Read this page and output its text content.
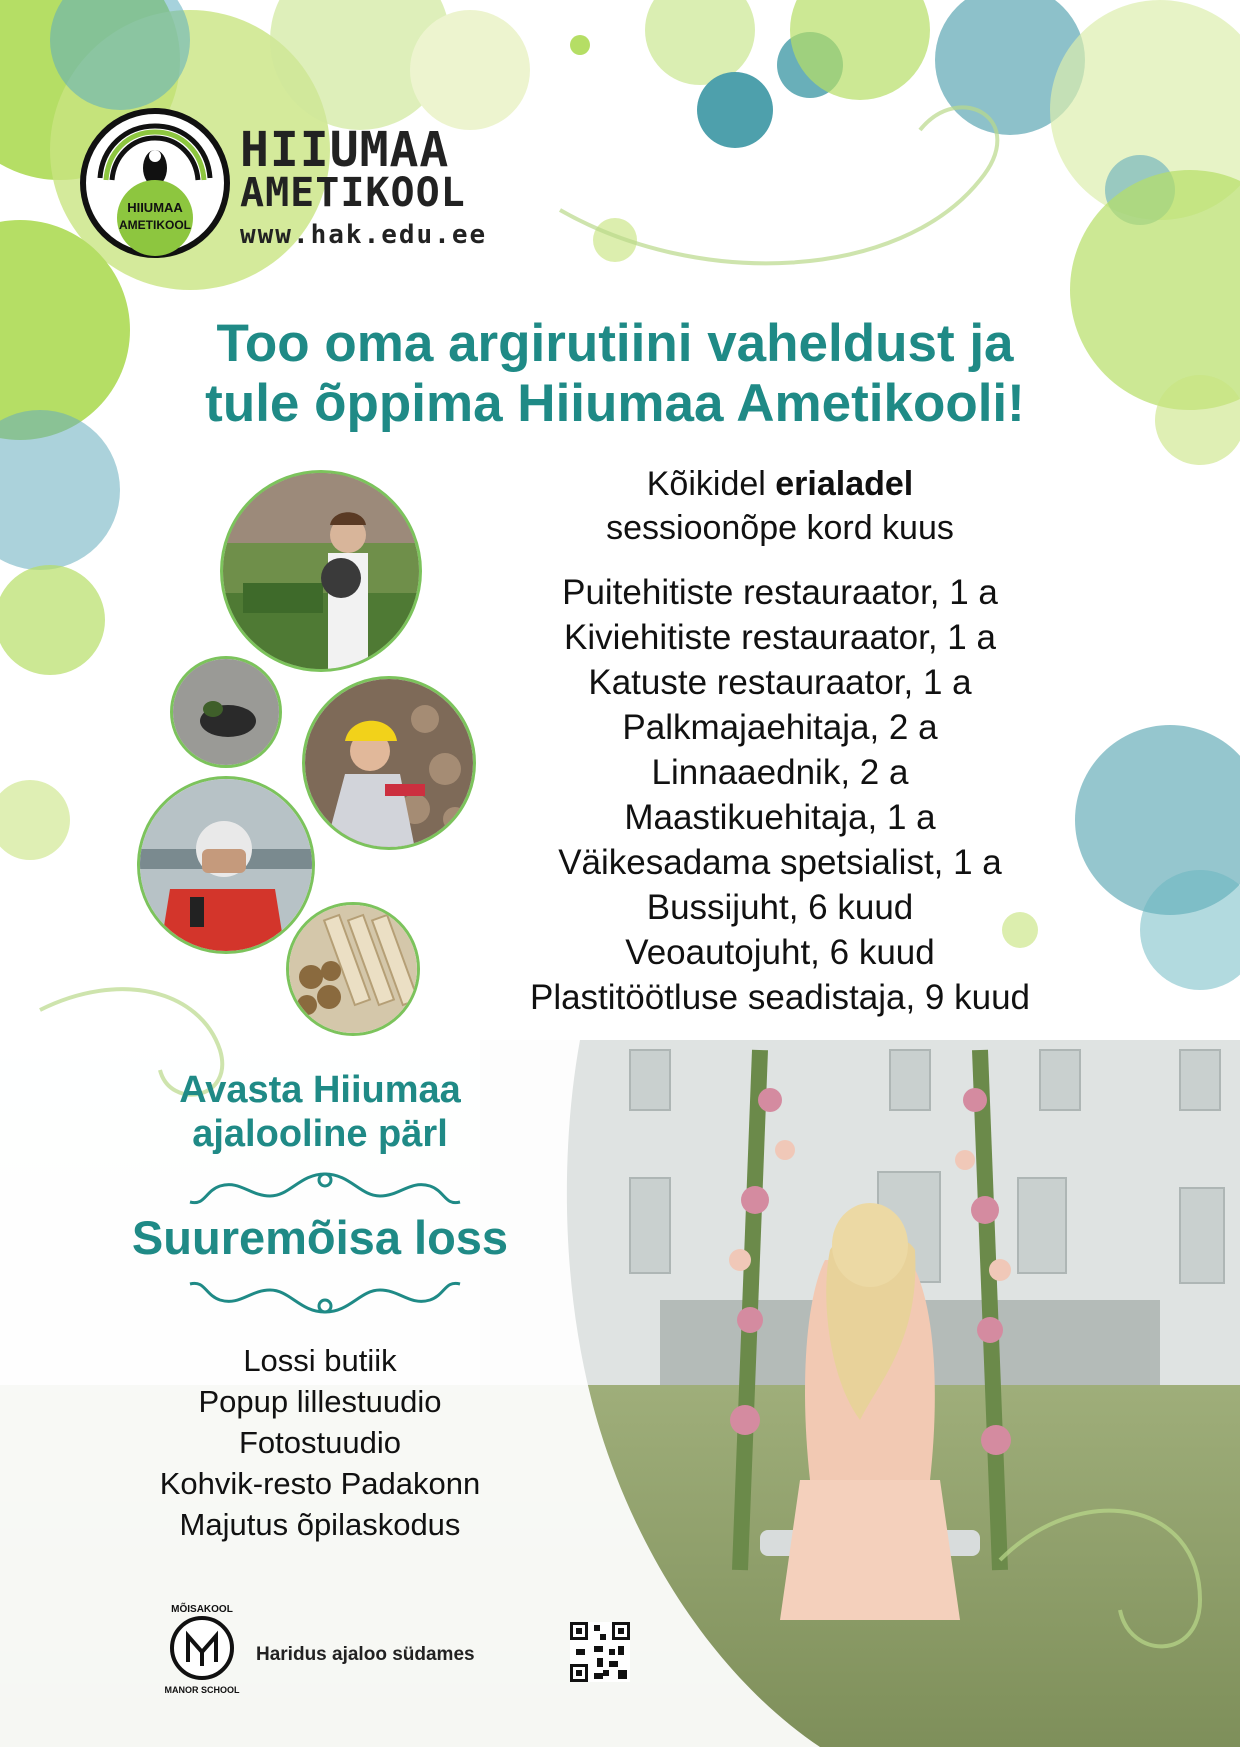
HIIUMAA
AMETIKOOL
HIIUMAA
AMETIKOOL
www.hak.edu.ee
Too oma argirutiini vaheldust ja
tule õppima Hiiumaa Ametikooli!
Kõikidel erialadel
sessioonõpe kord kuus
Puitehitiste restauraator, 1 a
Kiviehitiste restauraator, 1 a
Katuste restauraator, 1 a
Palkmajaehitaja, 2 a
Linnaaednik, 2 a
Maastikuehitaja, 1 a
Väikesadama spetsialist, 1 a
Bussijuht, 6 kuud
Veoautojuht, 6 kuud
Plastitöötluse seadistaja, 9 kuud
Avasta Hiiumaa
ajalooline pärl
Suuremõisa loss
Lossi butiik
Popup lillestuudio
Fotostuudio
Kohvik-resto Padakonn
Majutus õpilaskodus
MÕISAKOOL
MANOR SCHOOL
Haridus ajaloo südames
